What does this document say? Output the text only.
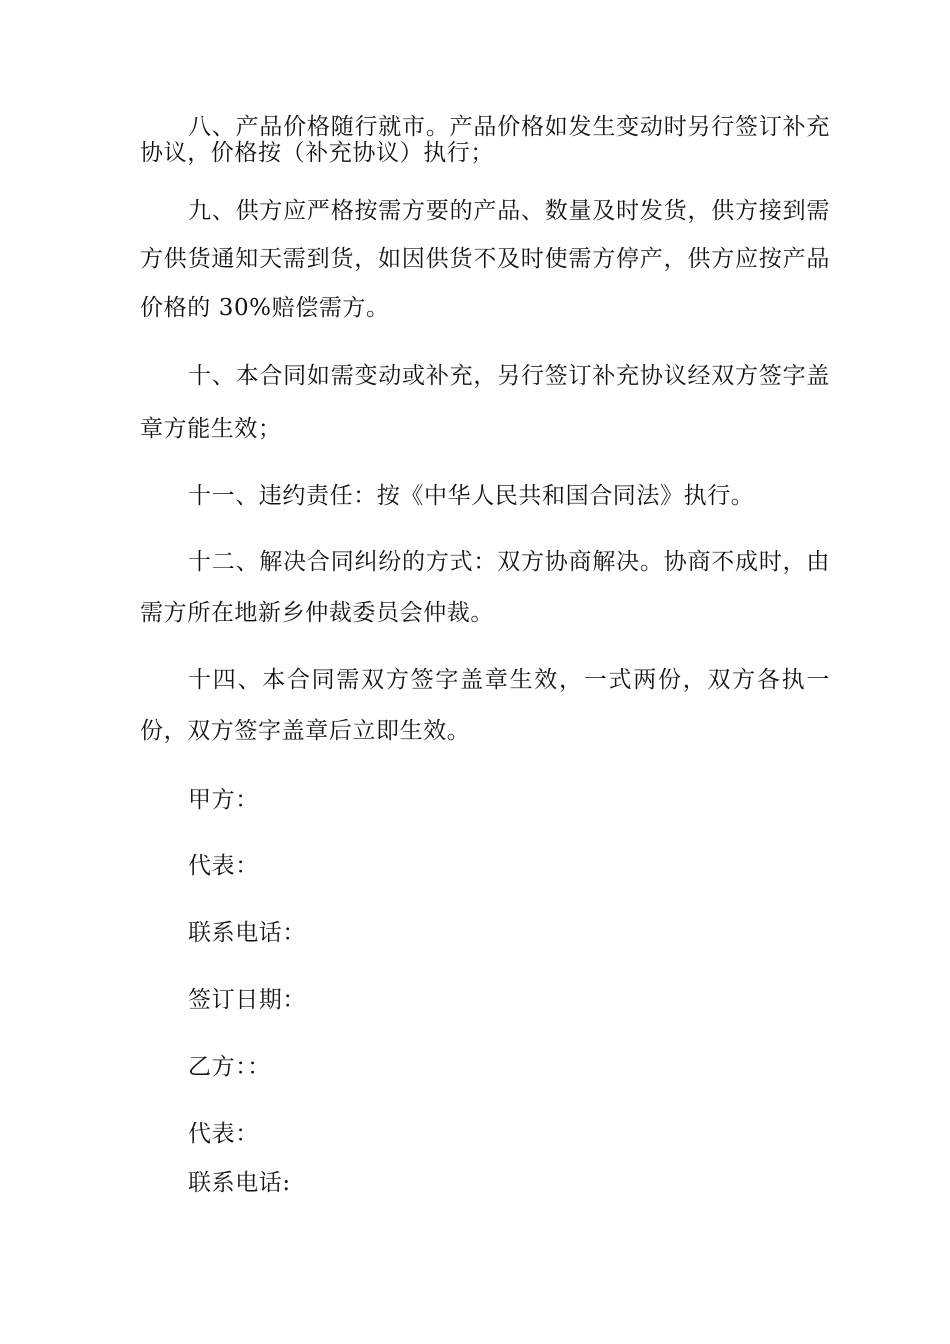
八、产品价格随行就市。产品价格如发生变动时另行签订补充
协议，价格按（补充协议）执行；
九、供方应严格按需方要的产品、数量及时发货，供方接到需
方供货通知天需到货，如因供货不及时使需方停产，供方应按产品
价格的 30%赔偿需方。
十、本合同如需变动或补充，另行签订补充协议经双方签字盖
章方能生效；
十一、违约责任：按《中华人民共和国合同法》执行。
十二、解决合同纠纷的方式：双方协商解决。协商不成时，由
需方所在地新乡仲裁委员会仲裁。
十四、本合同需双方签字盖章生效，一式两份，双方各执一
份，双方签字盖章后立即生效。
甲方：
代表：
联系电话：
签订日期：
乙方：：
代表：
联系电话:
